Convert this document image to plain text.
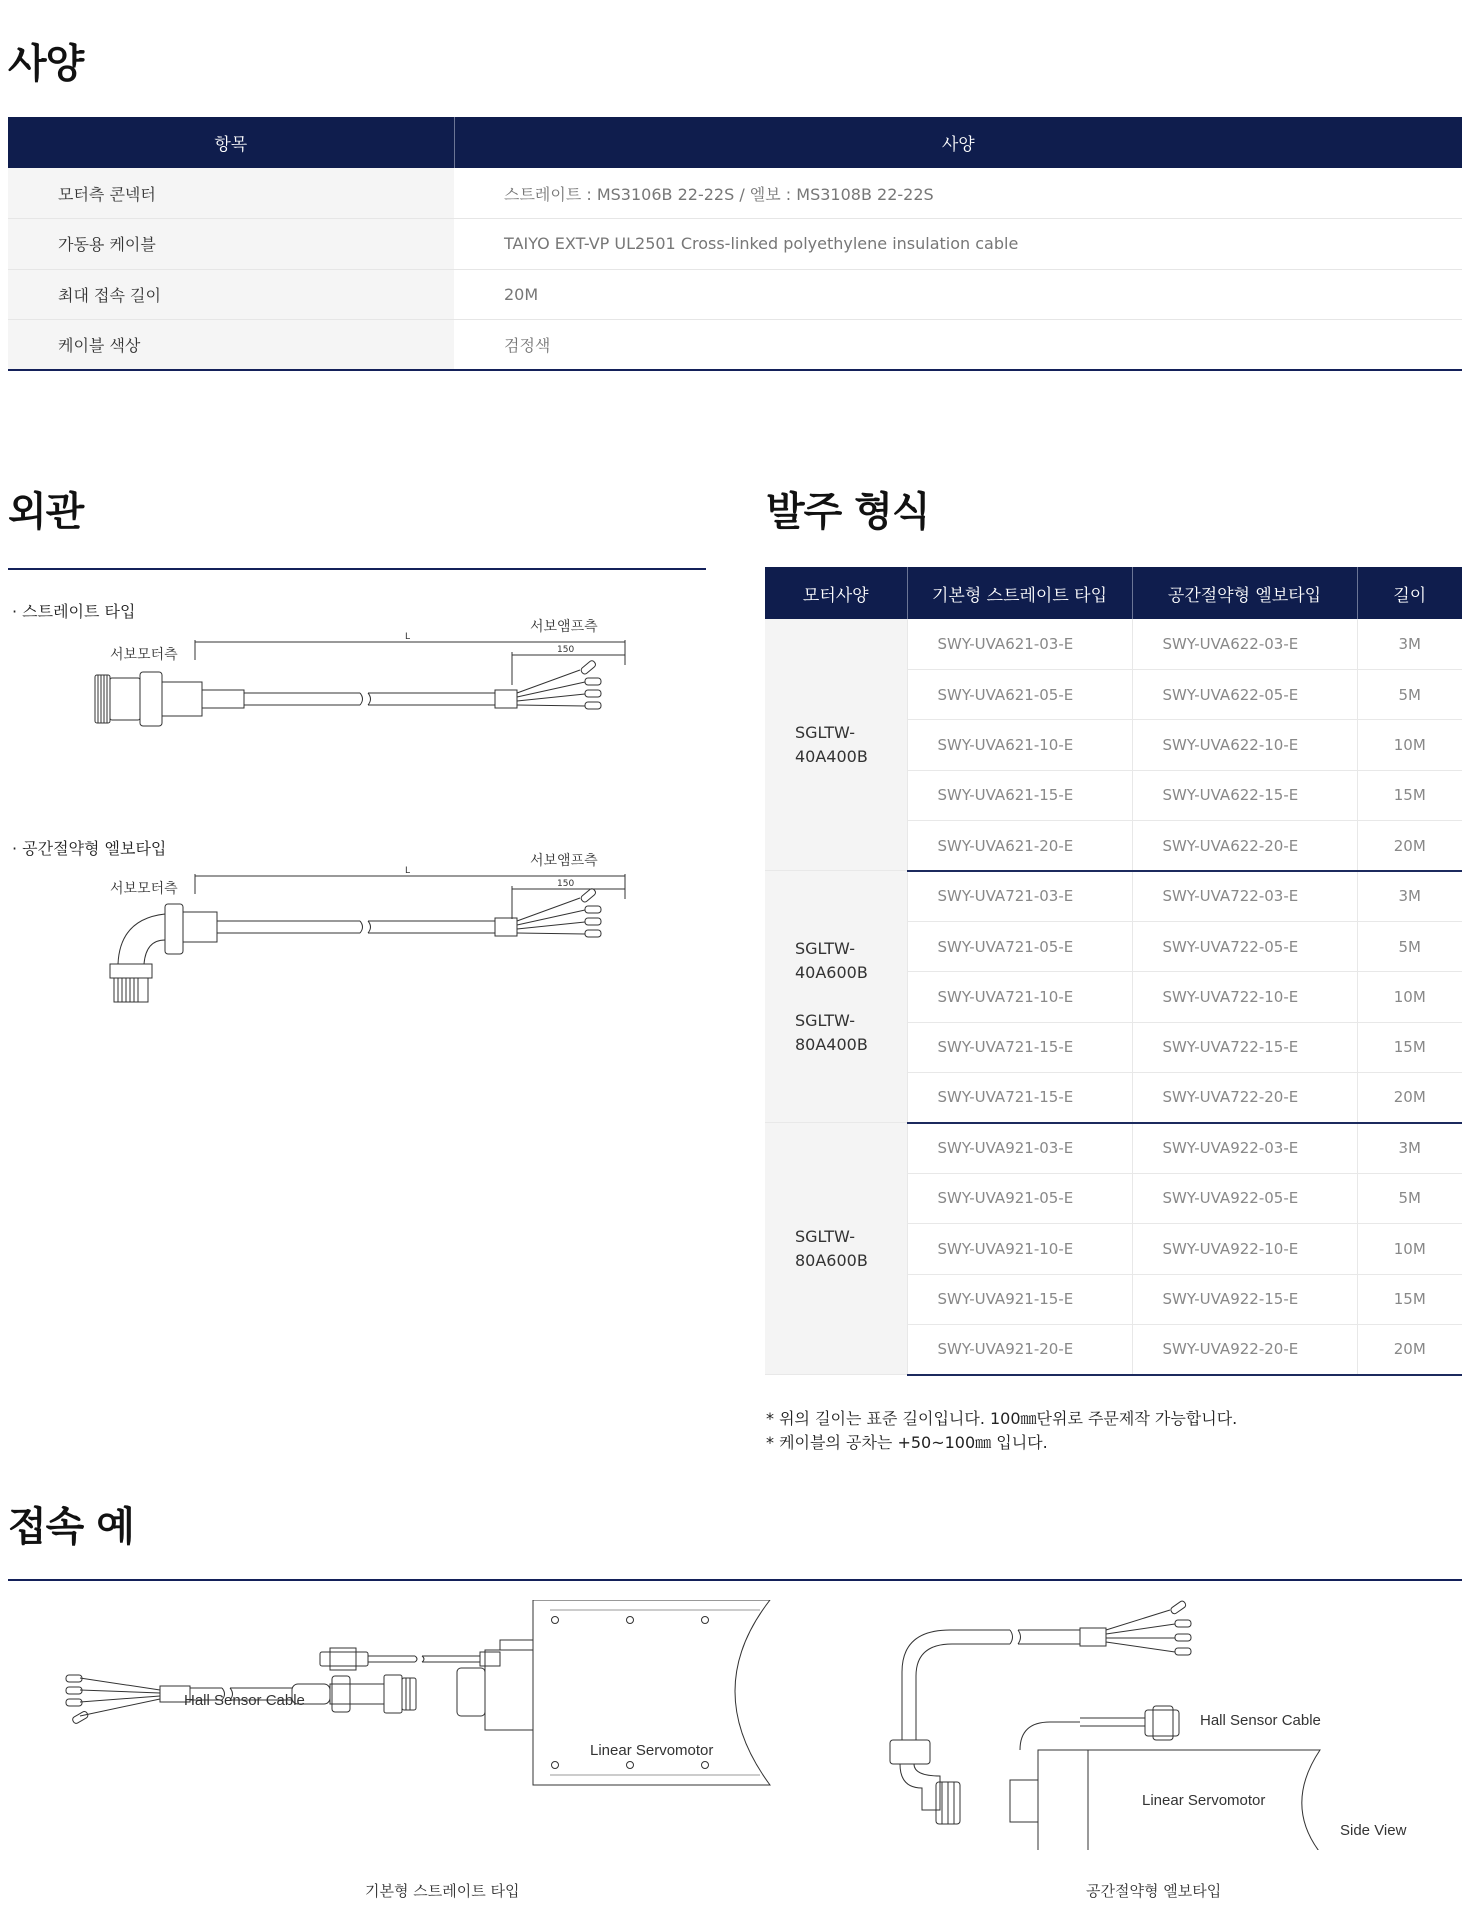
사양
항목	사양
모터측 콘넥터	스트레이트 : MS3106B 22-22S / 엘보 : MS3108B 22-22S
가동용 케이블	TAIYO EXT-VP UL2501 Cross-linked polyethylene insulation cable
최대 접속 길이	20M
케이블 색상	검정색
외관
· 스트레이트 타입
서보모터측
서보앰프측
L
150
· 공간절약형 엘보타입
서보모터측
서보앰프측
L
150
발주 형식
모터사양	기본형 스트레이트 타입	공간절약형 엘보타입	길이
SGLTW-
40A400B	SWY-UVA621-03-E	SWY-UVA622-03-E	3M
	SWY-UVA621-05-E	SWY-UVA622-05-E	5M
	SWY-UVA621-10-E	SWY-UVA622-10-E	10M
	SWY-UVA621-15-E	SWY-UVA622-15-E	15M
	SWY-UVA621-20-E	SWY-UVA622-20-E	20M
SGLTW-
40A600B

SGLTW-
80A400B	SWY-UVA721-03-E	SWY-UVA722-03-E	3M
	SWY-UVA721-05-E	SWY-UVA722-05-E	5M
	SWY-UVA721-10-E	SWY-UVA722-10-E	10M
	SWY-UVA721-15-E	SWY-UVA722-15-E	15M
	SWY-UVA721-15-E	SWY-UVA722-20-E	20M
SGLTW-
80A600B	SWY-UVA921-03-E	SWY-UVA922-03-E	3M
	SWY-UVA921-05-E	SWY-UVA922-05-E	5M
	SWY-UVA921-10-E	SWY-UVA922-10-E	10M
	SWY-UVA921-15-E	SWY-UVA922-15-E	15M
	SWY-UVA921-20-E	SWY-UVA922-20-E	20M
* 위의 길이는 표준 길이입니다. 100㎜단위로 주문제작 가능합니다.
* 케이블의 공차는 +50~100㎜ 입니다.
접속 예
Hall Sensor Cable
Linear Servomotor
기본형 스트레이트 타입
Hall Sensor Cable
Linear Servomotor
Side View
공간절약형 엘보타입
